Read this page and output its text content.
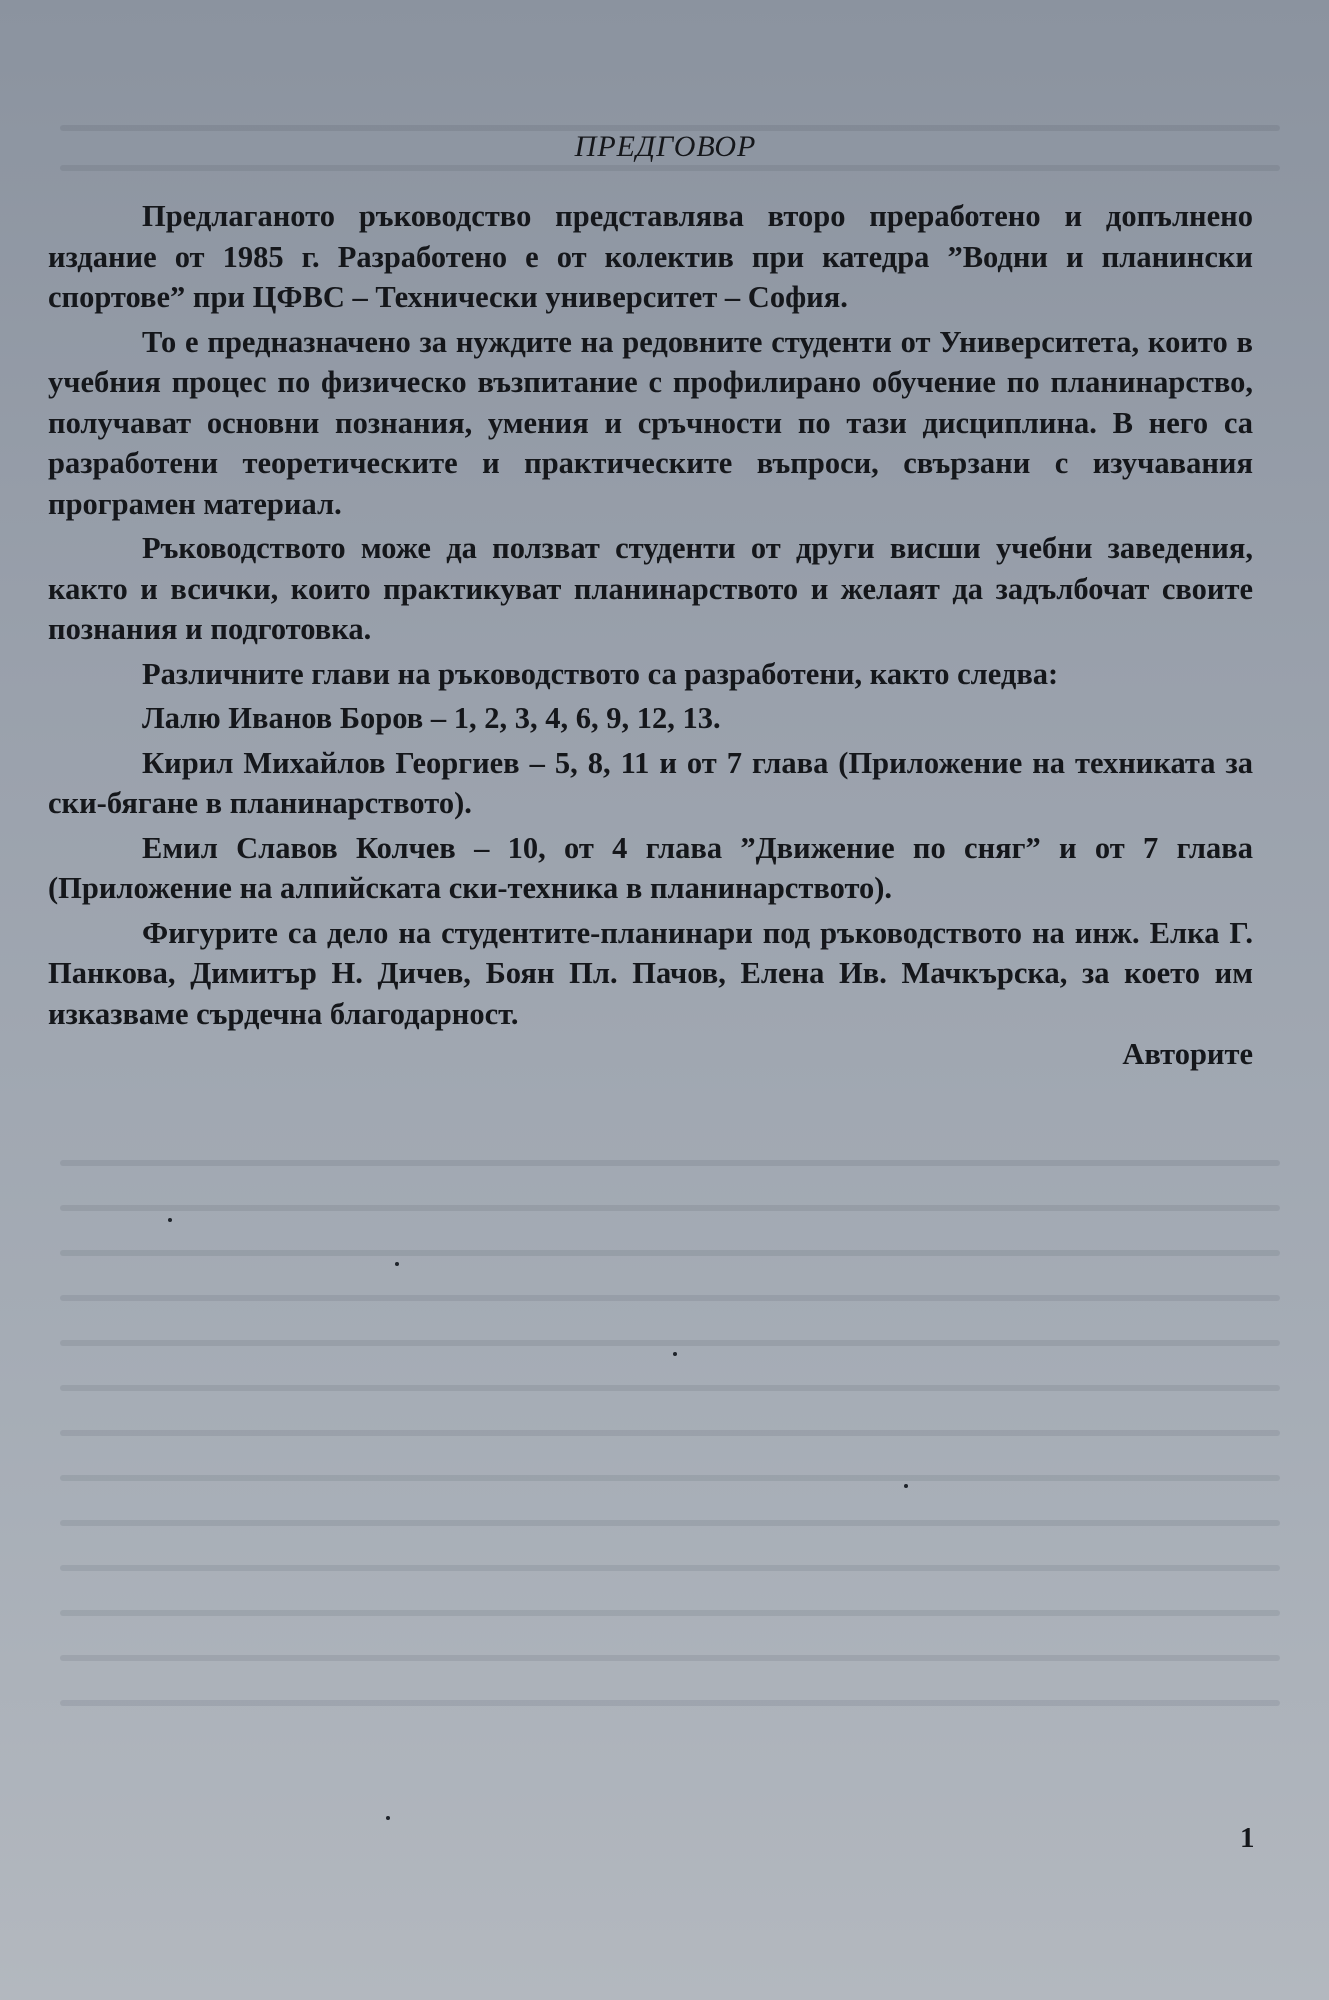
ПРЕДГОВОР

Предлаганото ръководство представлява второ преработено и допълнено издание от 1985 г. Разработено е от колектив при катедра ”Водни и планински спортове” при ЦФВС – Технически университет – София.

То е предназначено за нуждите на редовните студенти от Университета, които в учебния процес по физическо възпитание с профилирано обучение по планинарство, получават основни познания, умения и сръчности по тази дисциплина. В него са разработени теоретическите и практическите въпроси, свързани с изучавания програмен материал.

Ръководството може да ползват студенти от други висши учебни заведения, както и всички, които практикуват планинарството и желаят да задълбочат своите познания и подготовка.

Различните глави на ръководството са разработени, както следва:

Лалю Иванов Боров – 1, 2, 3, 4, 6, 9, 12, 13.

Кирил Михайлов Георгиев – 5, 8, 11 и от 7 глава (Приложение на техниката за ски-бягане в планинарството).

Емил Славов Колчев – 10, от 4 глава ”Движение по сняг” и от 7 глава (Приложение на алпийската ски-техника в планинарството).

Фигурите са дело на студентите-планинари под ръководството на инж. Елка Г. Панкова, Димитър Н. Дичев, Боян Пл. Пачов, Елена Ив. Мачкърска, за което им изказваме сърдечна благодарност.

Авторите
1
